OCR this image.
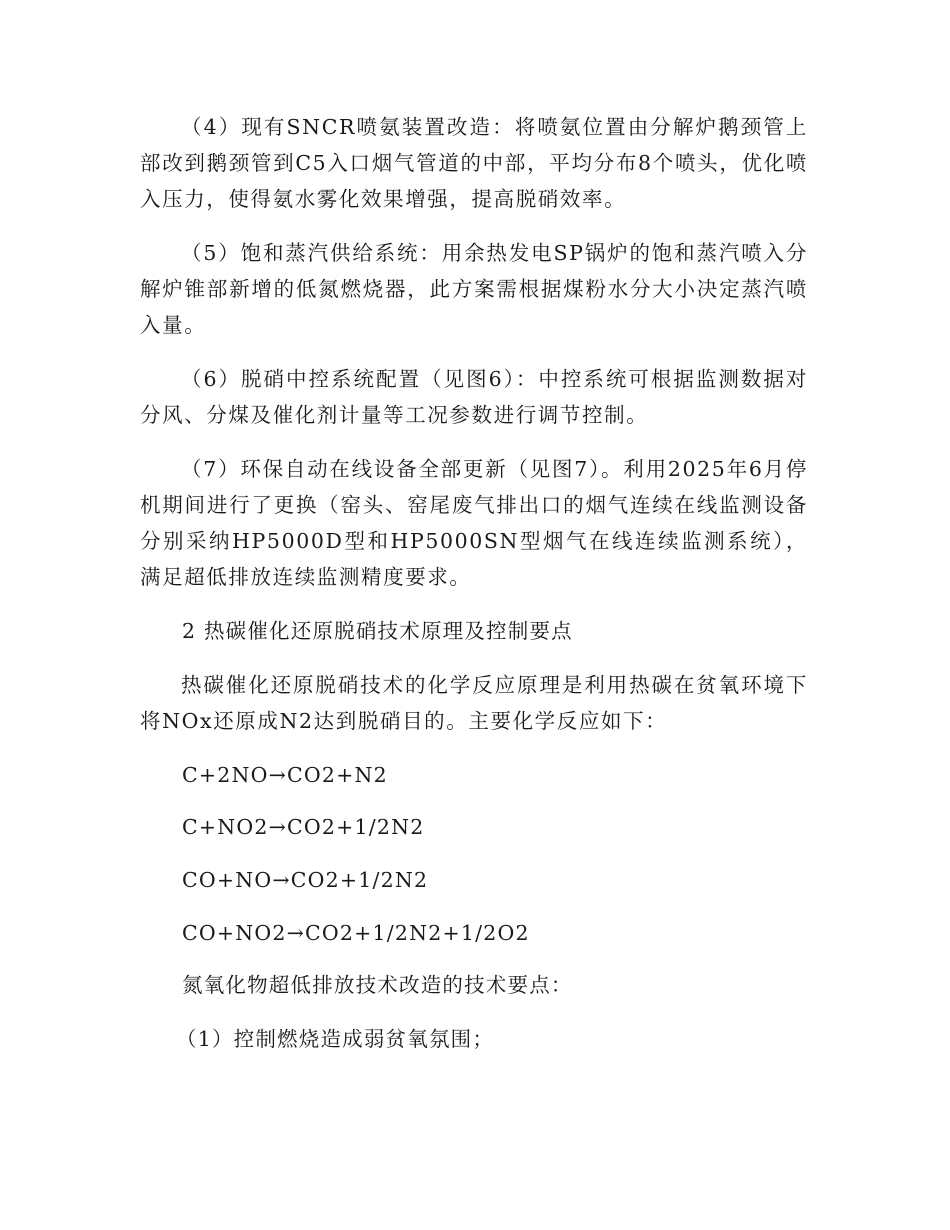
（4）现有SNCR喷氨装置改造：将喷氨位置由分解炉鹅颈管上部改到鹅颈管到C5入口烟气管道的中部，平均分布8个喷头，优化喷入压力，使得氨水雾化效果增强，提高脱硝效率。

（5）饱和蒸汽供给系统：用余热发电SP锅炉的饱和蒸汽喷入分解炉锥部新增的低氮燃烧器，此方案需根据煤粉水分大小决定蒸汽喷入量。

（6）脱硝中控系统配置（见图6）：中控系统可根据监测数据对分风、分煤及催化剂计量等工况参数进行调节控制。

（7）环保自动在线设备全部更新（见图7）。利用2025年6月停机期间进行了更换（窑头、窑尾废气排出口的烟气连续在线监测设备分别采纳HP5000D型和HP5000SN型烟气在线连续监测系统），满足超低排放连续监测精度要求。

2 热碳催化还原脱硝技术原理及控制要点

热碳催化还原脱硝技术的化学反应原理是利用热碳在贫氧环境下将NOx还原成N2达到脱硝目的。主要化学反应如下：

C+2NO→CO2+N2

C+NO2→CO2+1/2N2

CO+NO→CO2+1/2N2

CO+NO2→CO2+1/2N2+1/2O2

氮氧化物超低排放技术改造的技术要点：

（1）控制燃烧造成弱贫氧氛围；
